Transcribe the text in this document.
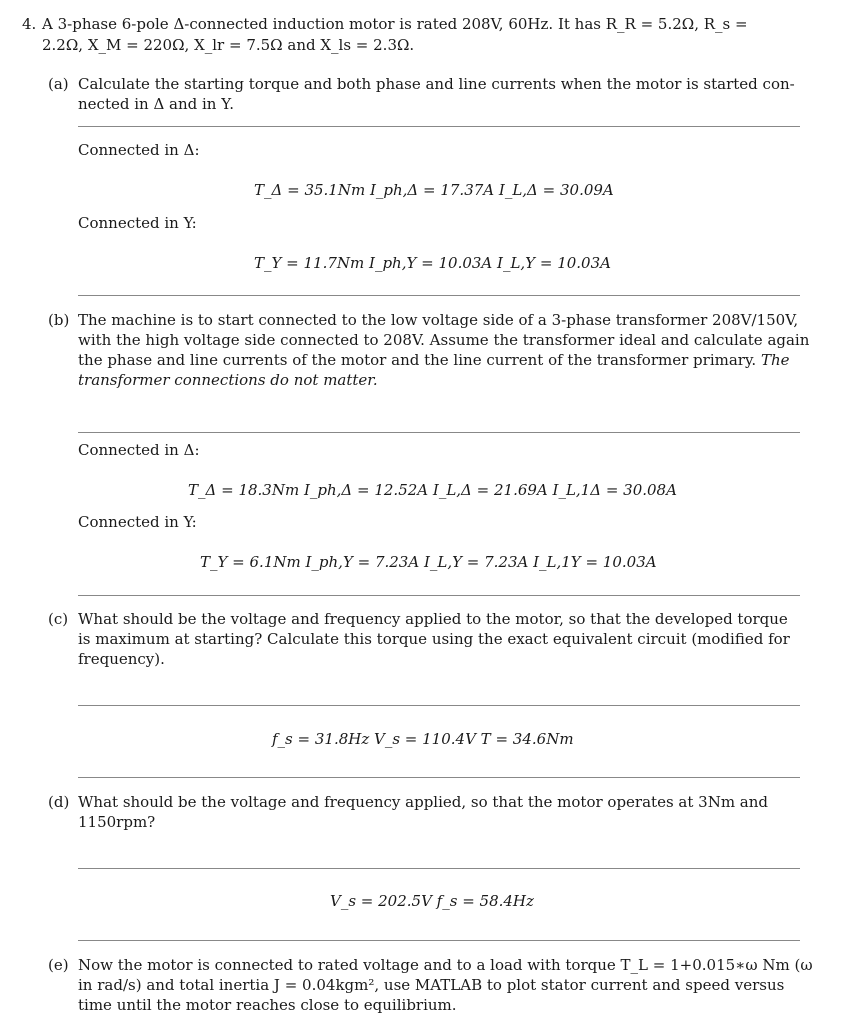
4. A 3-phase 6-pole Δ-connected induction motor is rated 208V, 60Hz. It has R_R = 5.2Ω, R_s =
2.2Ω, X_M = 220Ω, X_lr = 7.5Ω and X_ls = 2.3Ω.
(a) Calculate the starting torque and both phase and line currents when the motor is started con-
nected in Δ and in Y.
Connected in Δ:
T_Δ = 35.1Nm I_ph,Δ = 17.37A I_L,Δ = 30.09A
Connected in Y:
T_Y = 11.7Nm I_ph,Y = 10.03A I_L,Y = 10.03A
(b) The machine is to start connected to the low voltage side of a 3-phase transformer 208V/150V,
with the high voltage side connected to 208V. Assume the transformer ideal and calculate again
the phase and line currents of the motor and the line current of the transformer primary. The
transformer connections do not matter.
Connected in Δ:
T_Δ = 18.3Nm I_ph,Δ = 12.52A I_L,Δ = 21.69A I_L,1Δ = 30.08A
Connected in Y:
T_Y = 6.1Nm I_ph,Y = 7.23A I_L,Y = 7.23A I_L,1Y = 10.03A
(c) What should be the voltage and frequency applied to the motor, so that the developed torque
is maximum at starting? Calculate this torque using the exact equivalent circuit (modified for
frequency).
f_s = 31.8Hz V_s = 110.4V T = 34.6Nm
(d) What should be the voltage and frequency applied, so that the motor operates at 3Nm and
1150rpm?
V_s = 202.5V f_s = 58.4Hz
(e) Now the motor is connected to rated voltage and to a load with torque T_L = 1+0.015∗ω Nm (ω
in rad/s) and total inertia J = 0.04kgm², use MATLAB to plot stator current and speed versus
time until the motor reaches close to equilibrium.
